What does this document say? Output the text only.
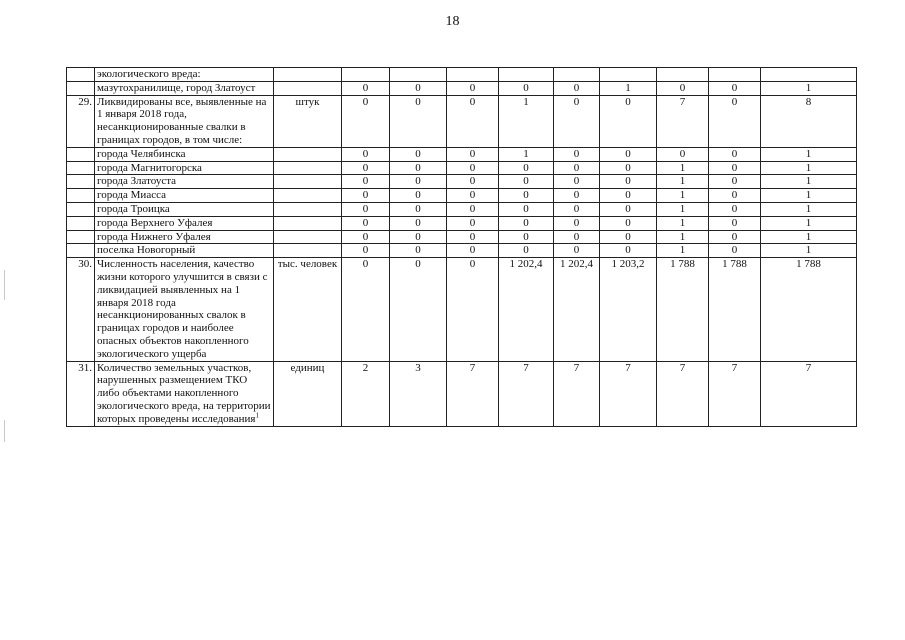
18
	экологического вреда:										
	мазутохранилище, город Златоуст		0	0	0	0	0	1	0	0	1
29.	Ликвидированы все, выявленные на 1 января 2018 года, несанкционированные свалки в границах городов, в том числе:	штук	0	0	0	1	0	0	7	0	8
	города Челябинска		0	0	0	1	0	0	0	0	1
	города Магнитогорска		0	0	0	0	0	0	1	0	1
	города Златоуста		0	0	0	0	0	0	1	0	1
	города Миасса		0	0	0	0	0	0	1	0	1
	города Троицка		0	0	0	0	0	0	1	0	1
	города Верхнего Уфалея		0	0	0	0	0	0	1	0	1
	города Нижнего Уфалея		0	0	0	0	0	0	1	0	1
	поселка Новогорный		0	0	0	0	0	0	1	0	1
30.	Численность населения, качество жизни которого улучшится в связи с ликвидацией выявленных на 1 января 2018 года несанкционированных свалок в границах городов и наиболее опасных объектов накопленного экологического ущерба	тыс. человек	0	0	0	1 202,4	1 202,4	1 203,2	1 788	1 788	1 788
31.	Количество земельных участков, нарушенных размещением ТКО либо объектами накопленного экологического вреда, на территории которых проведены исследования$^1$	единиц	2	3	7	7	7	7	7	7	7
